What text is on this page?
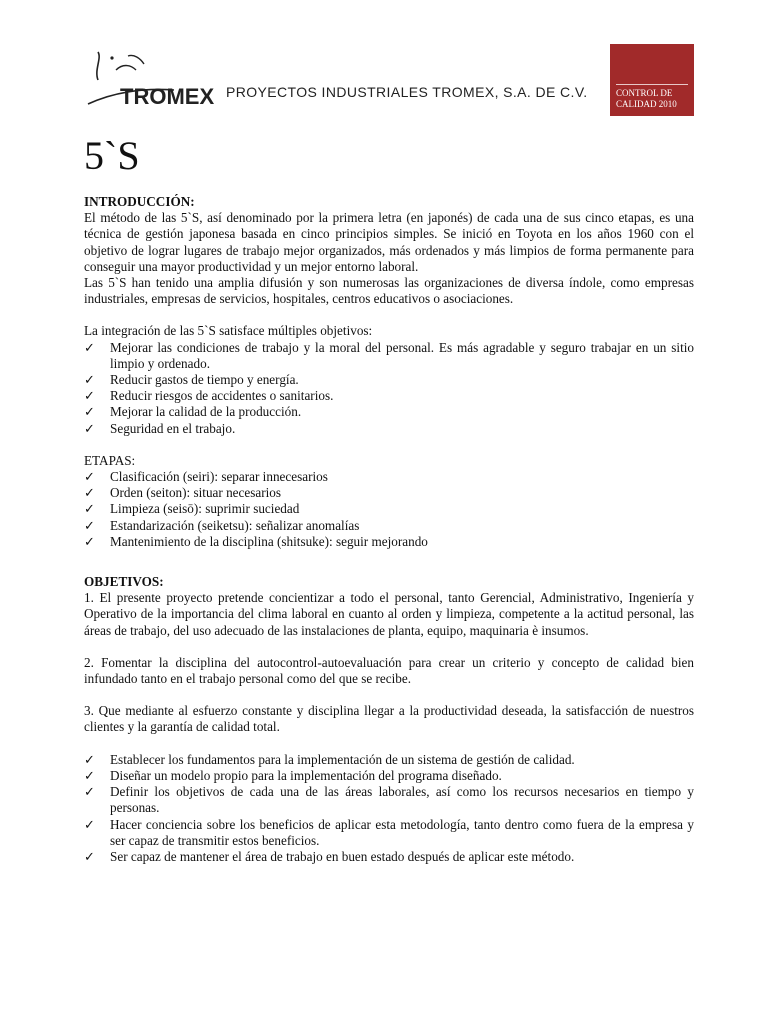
TROMEX PROYECTOS INDUSTRIALES TROMEX, S.A. DE C.V.	CONTROL DE
CALIDAD 2010
5`S
INTRODUCCIÓN:

El método de las 5`S, así denominado por la primera letra (en japonés) de cada una de sus cinco etapas, es una técnica de gestión japonesa basada en cinco principios simples. Se inició en Toyota en los años 1960 con el objetivo de lograr lugares de trabajo mejor organizados, más ordenados y más limpios de forma permanente para conseguir una mayor productividad y un mejor entorno laboral.

Las 5`S han tenido una amplia difusión y son numerosas las organizaciones de diversa índole, como empresas industriales, empresas de servicios, hospitales, centros educativos o asociaciones.

La integración de las 5`S satisface múltiples objetivos:

✓ Mejorar las condiciones de trabajo y la moral del personal. Es más agradable y seguro trabajar en un sitio limpio y ordenado.
✓ Reducir gastos de tiempo y energía.
✓ Reducir riesgos de accidentes o sanitarios.
✓ Mejorar la calidad de la producción.
✓ Seguridad en el trabajo.
ETAPAS:
✓ Clasificación (seiri): separar innecesarios
✓ Orden (seiton): situar necesarios
✓ Limpieza (seisō): suprimir suciedad
✓ Estandarización (seiketsu): señalizar anomalías
✓ Mantenimiento de la disciplina (shitsuke): seguir mejorando
OBJETIVOS:

1. El presente proyecto pretende concientizar a todo el personal, tanto Gerencial, Administrativo, Ingeniería y Operativo de la importancia del clima laboral en cuanto al orden y limpieza, competente a la actitud personal, las áreas de trabajo, del uso adecuado de las instalaciones de planta, equipo, maquinaria è insumos.

2. Fomentar la disciplina del autocontrol-autoevaluación para crear un criterio y concepto de calidad bien infundado tanto en el trabajo personal como del que se recibe.

3. Que mediante al esfuerzo constante y disciplina llegar a la productividad deseada, la satisfacción de nuestros clientes y la garantía de calidad total.

✓ Establecer los fundamentos para la implementación de un sistema de gestión de calidad.
✓ Diseñar un modelo propio para la implementación del programa diseñado.
✓ Definir los objetivos de cada una de las áreas laborales, así como los recursos necesarios en tiempo y personas.
✓ Hacer conciencia sobre los beneficios de aplicar esta metodología, tanto dentro como fuera de la empresa y ser capaz de transmitir estos beneficios.
✓ Ser capaz de mantener el área de trabajo en buen estado después de aplicar este método.
